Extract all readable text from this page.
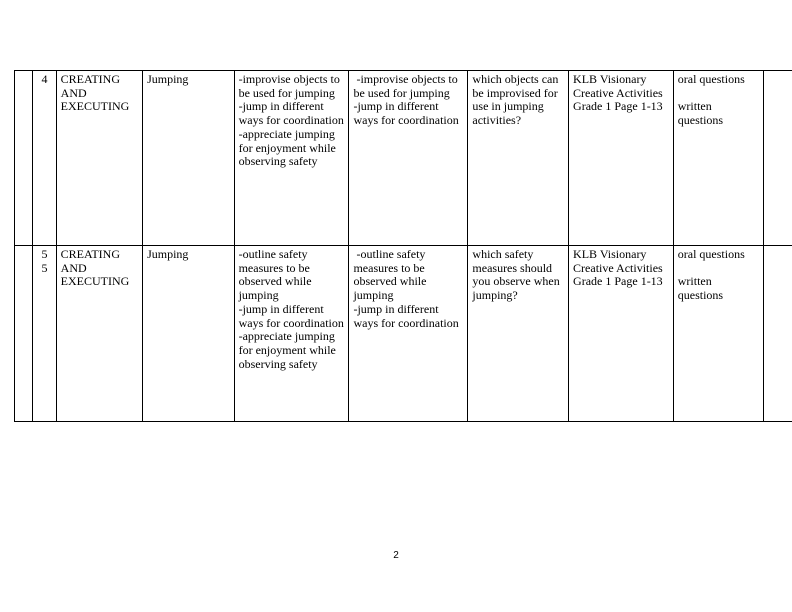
	4	CREATING AND EXECUTING	Jumping	-improvise objects to be used for jumping
-jump in different ways for coordination
-appreciate jumping for enjoyment while observing safety	-improvise objects to be used for jumping
-jump in different ways for coordination	which objects can be improvised for use in jumping activities?	KLB Visionary Creative Activities Grade 1 Page 1-13	oral questions
written questions	

	5
5	CREATING AND EXECUTING	Jumping	-outline safety measures to be observed while jumping
-jump in different ways for coordination
-appreciate jumping for enjoyment while observing safety	-outline safety measures to be observed while jumping
-jump in different ways for coordination	which safety measures should you observe when jumping?	KLB Visionary Creative Activities Grade 1 Page 1-13	oral questions
written questions	

2
